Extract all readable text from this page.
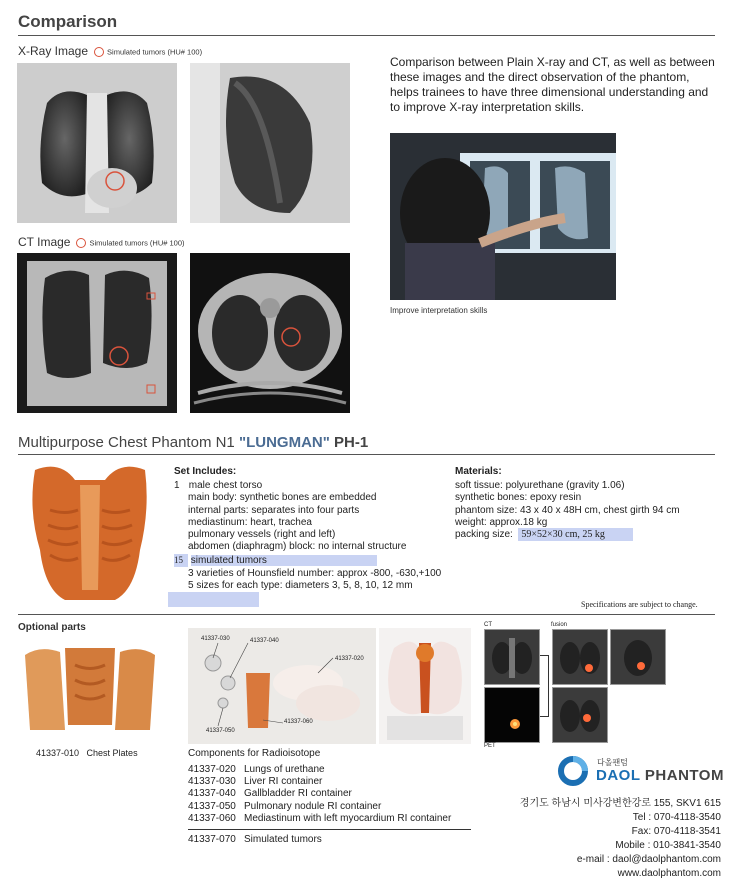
Comparison
X-Ray Image	Simulated tumors (HU# 100)
CT Image	Simulated tumors (HU# 100)
Comparison between Plain X-ray and CT, as well as between these images and the direct observation of the phantom, helps trainees to have three dimensional understanding and to improve X-ray interpretation skills.
Improve interpretation skills
Multipurpose Chest Phantom N1 "LUNGMAN" PH-1
Set Includes:
1 male chest torso
main body: synthetic bones are embedded
internal parts: separates into four parts
mediastinum: heart, trachea
pulmonary vessels (right and left)
abdomen (diaphragm) block: no internal structure
15 simulated tumors
3 varieties of Hounsfield number: approx -800, -630,+100
5 sizes for each type: diameters 3, 5, 8, 10, 12 mm
Materials:
soft tissue: polyurethane (gravity 1.06)
synthetic bones: epoxy resin
phantom size: 43 x 40 x 48H cm, chest girth 94 cm
weight: approx.18 kg
packing size: 59×52×30 cm, 25 kg
Specifications are subject to change.
Optional parts
41337-010   Chest Plates
41337-030	41337-040
41337-020
41337-050
41337-060
CT	fusion
PET
Components for Radioisotope
41337-020 Lungs of urethane
41337-030 Liver RI container
41337-040 Gallbladder RI container
41337-050 Pulmonary nodule RI container
41337-060 Mediastinum with left myocardium RI container
41337-070 Simulated tumors
다올팬텀
DAOL PHANTOM
경기도 하남시 미사강변한강로 155, SKV1 615
Tel : 070-4118-3540
Fax: 070-4118-3541
Mobile : 010-3841-3540
e-mail : daol@daolphantom.com
www.daolphantom.com
